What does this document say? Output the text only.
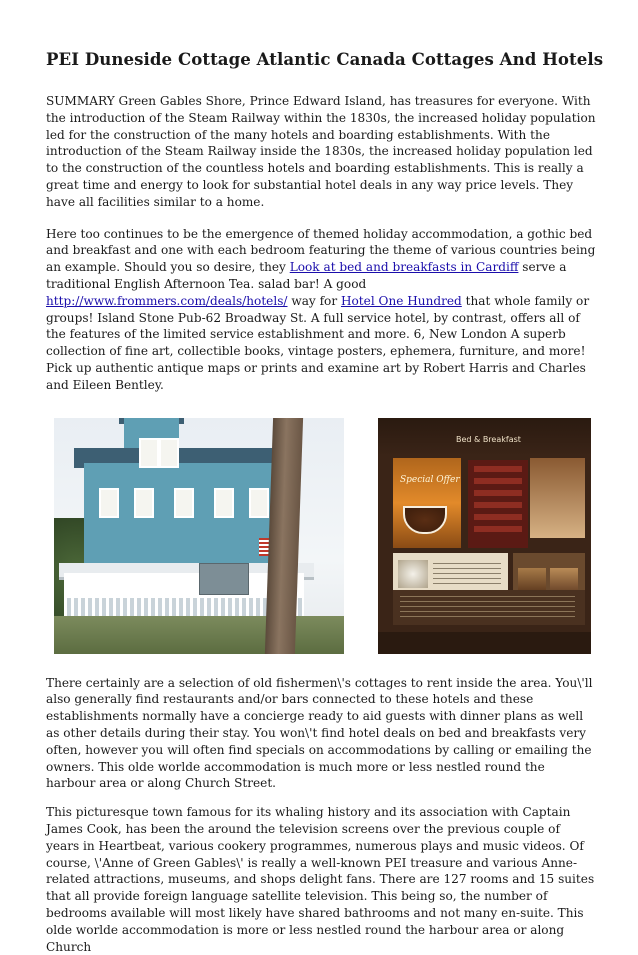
PEI Duneside Cottage Atlantic Canada Cottages And Hotels

SUMMARY Green Gables Shore, Prince Edward Island, has treasures for everyone. With the introduction of the Steam Railway within the 1830s, the increased holiday population led for the construction of the many hotels and boarding establishments. With the introduction of the Steam Railway inside the 1830s, the increased holiday population led to the construction of the countless hotels and boarding establishments. This is really a great time and energy to look for substantial hotel deals in any way price levels. They have all facilities similar to a home.

Here too continues to be the emergence of themed holiday accommodation, a gothic bed and breakfast and one with each bedroom featuring the theme of various countries being an example. Should you so desire, they Look at bed and breakfasts in Cardiff serve a traditional English Afternoon Tea. salad bar! A good http://www.frommers.com/deals/hotels/ way for Hotel One Hundred that whole family or groups! Island Stone Pub-62 Broadway St. A full service hotel, by contrast, offers all of the features of the limited service establishment and more. 6, New London A superb collection of fine art, collectible books, vintage posters, ephemera, furniture, and more! Pick up authentic antique maps or prints and examine art by Robert Harris and Charles and Eileen Bentley.

Bed & Breakfast
Special Offer

There certainly are a selection of old fishermen\'s cottages to rent inside the area. You\'ll also generally find restaurants and/or bars connected to these hotels and these establishments normally have a concierge ready to aid guests with dinner plans as well as other details during their stay. You won\'t find hotel deals on bed and breakfasts very often, however you will often find specials on accommodations by calling or emailing the owners. This olde worlde accommodation is much more or less nestled round the harbour area or along Church Street.

This picturesque town famous for its whaling history and its association with Captain James Cook, has been the around the television screens over the previous couple of years in Heartbeat, various cookery programmes, numerous plays and music videos. Of course, \'Anne of Green Gables\' is really a well-known PEI treasure and various Anne-related attractions, museums, and shops delight fans. There are 127 rooms and 15 suites that all provide foreign language satellite television. This being so, the number of bedrooms available will most likely have shared bathrooms and not many en-suite. This olde worlde accommodation is more or less nestled round the harbour area or along Church
